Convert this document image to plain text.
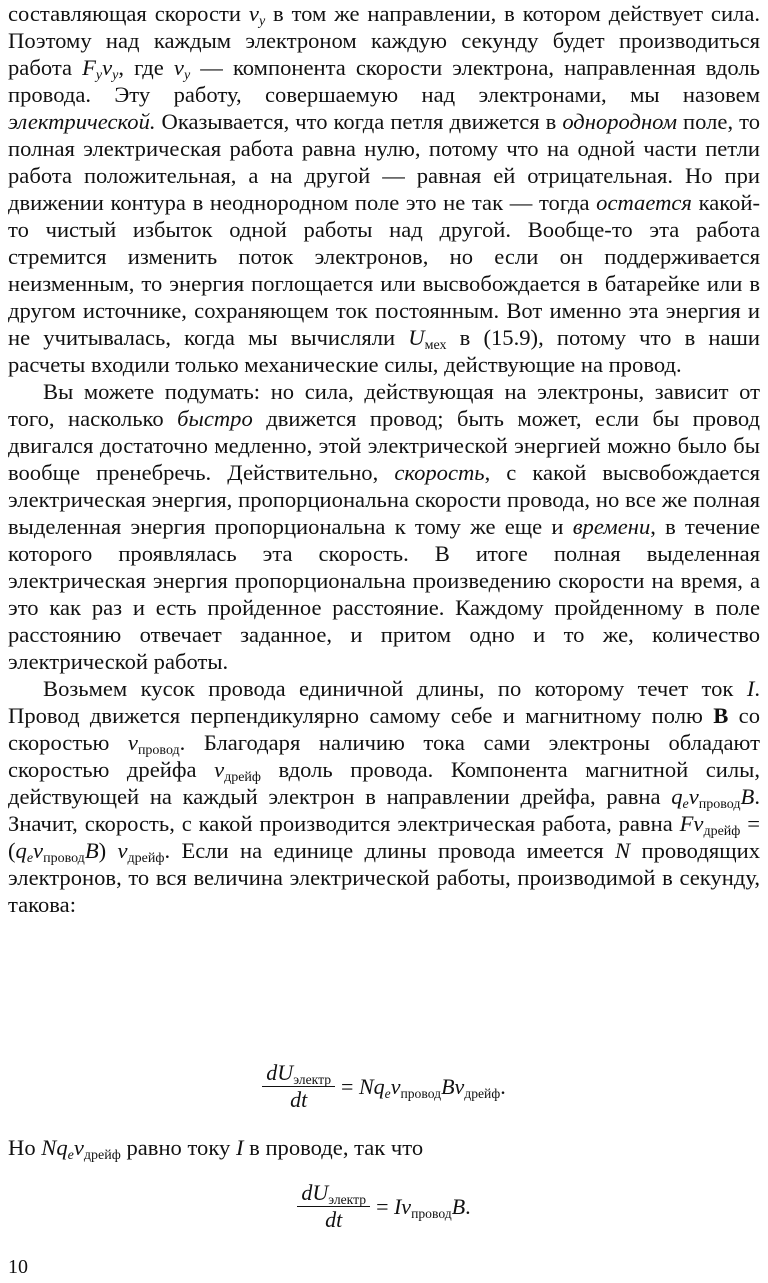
составляющая скорости $v_y$ в том же направлении, в котором действует сила. Поэтому над каждым электроном каждую секунду будет производиться работа $F_yv_y$, где $v_y$ — компонента скорости электрона, направленная вдоль провода. Эту работу, совершаемую над электронами, мы назовем электрической. Оказывается, что когда петля движется в однородном поле, то полная электрическая работа равна нулю, потому что на одной части петли работа положительная, а на другой — равная ей отрицательная. Но при движении контура в неоднородном поле это не так — тогда остается какой-то чистый избыток одной работы над другой. Вообще-то эта работа стремится изменить поток электронов, но если он поддерживается неизменным, то энергия поглощается или высвобождается в батарейке или в другом источнике, сохраняющем ток постоянным. Вот именно эта энергия и не учитывалась, когда мы вычисляли $U_{мех}$ в (15.9), потому что в наши расчеты входили только механические силы, действующие на провод.

Вы можете подумать: но сила, действующая на электроны, зависит от того, насколько быстро движется провод; быть может, если бы провод двигался достаточно медленно, этой электрической энергией можно было бы вообще пренебречь. Действительно, скорость, с какой высвобождается электрическая энергия, пропорциональна скорости провода, но все же полная выделенная энергия пропорциональна к тому же еще и времени, в течение которого проявлялась эта скорость. В итоге полная выделенная электрическая энергия пропорциональна произведению скорости на время, а это как раз и есть пройденное расстояние. Каждому пройденному в поле расстоянию отвечает заданное, и притом одно и то же, количество электрической работы.

Возьмем кусок провода единичной длины, по которому течет ток I. Провод движется перпендикулярно самому себе и магнитному полю B со скоростью $v_{провод}$. Благодаря наличию тока сами электроны обладают скоростью дрейфа $v_{дрейф}$ вдоль провода. Компонента магнитной силы, действующей на каждый электрон в направлении дрейфа, равна $q_ev_{провод}B$. Значит, скорость, с какой производится электрическая работа, равна $Fv_{дрейф} = (q_ev_{провод}B)$ $v_{дрейф}$. Если на единице длины провода имеется N проводящих электронов, то вся величина электрической работы, производимой в секунду, такова:

$\frac{dU_{электр}}{dt} = Nq_ev_{провод}Bv_{дрейф}$.
Но $Nq_ev_{дрейф}$ равно току I в проводе, так что
$\frac{dU_{электр}}{dt} = Iv_{провод}B$.
10
